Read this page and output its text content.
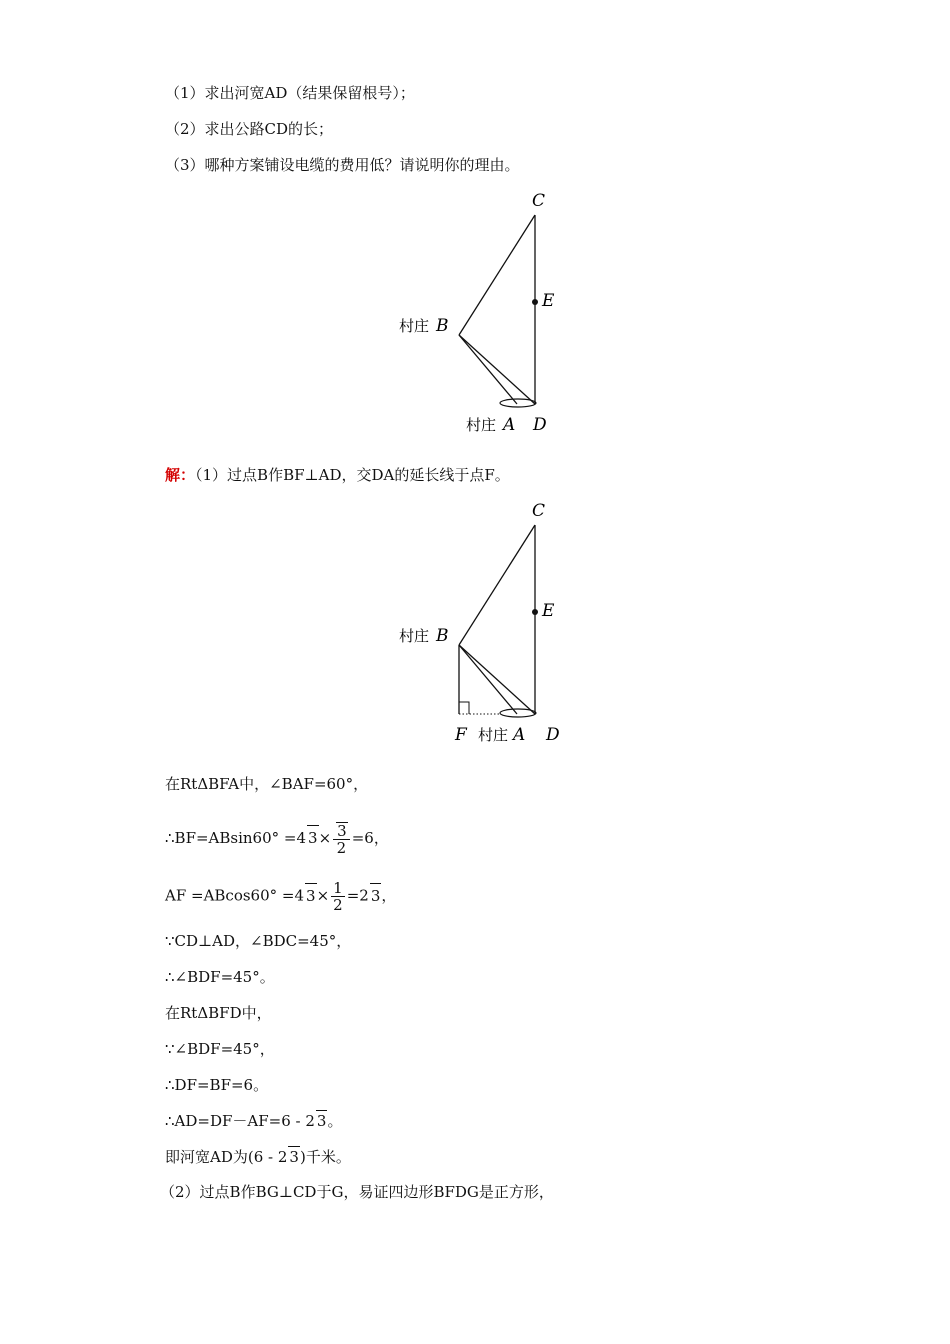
（1）求出河宽AD（结果保留根号）；
（2）求出公路CD的长；
（3）哪种方案铺设电缆的费用低？请说明你的理由。
C
E
村庄 B
村庄 A D
解：（1）过点B作BF⊥AD，交DA的延长线于点F。
C
E
村庄 B
F 村庄 A D
在RtΔBFA中，∠BAF=60°，
∴BF=ABsin60° =4 $3\times \frac{3}{2} =6$，
AF =ABcos60° =4 $3\times \frac{1}{2} =2$ 3，
∵CD⊥AD，∠BDC=45°，
∴∠BDF=45°。
在RtΔBFD中，
∵∠BDF=45°，
∴DF=BF=6。
∴AD=DF－AF=6 - 2 3。
即河宽AD为(6 - 2 3)千米。
（2）过点B作BG⊥CD于G，易证四边形BFDG是正方形，
